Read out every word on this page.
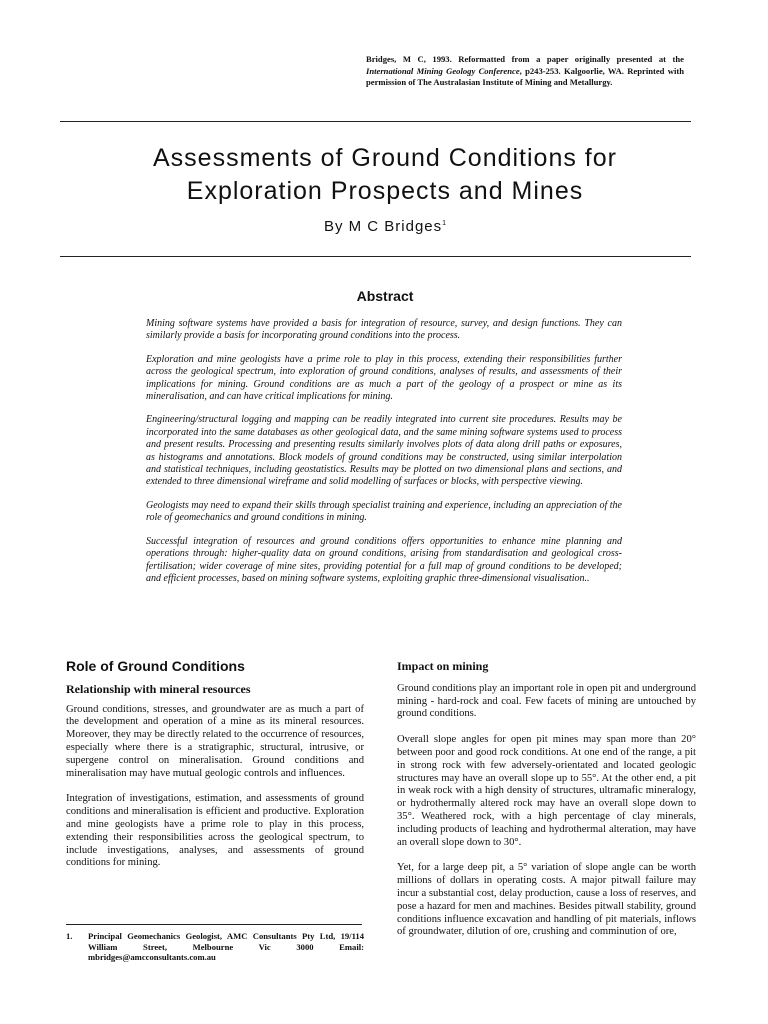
Bridges, M C, 1993. Reformatted from a paper originally presented at the International Mining Geology Conference, p243-253. Kalgoorlie, WA. Reprinted with permission of The Australasian Institute of Mining and Metallurgy.
Assessments of Ground Conditions for
Exploration Prospects and Mines
By M C Bridges$^1$
Abstract

Mining software systems have provided a basis for integration of resource, survey, and design functions. They can similarly provide a basis for incorporating ground conditions into the process.

Exploration and mine geologists have a prime role to play in this process, extending their responsibilities further across the geological spectrum, into exploration of ground conditions, analyses of results, and assessments of their implications for mining. Ground conditions are as much a part of the geology of a prospect or mine as its mineralisation, and can have critical implications for mining.

Engineering/structural logging and mapping can be readily integrated into current site procedures. Results may be incorporated into the same databases as other geological data, and the same mining software systems used to process and present results. Processing and presenting results similarly involves plots of data along drill paths or exposures, as histograms and annotations. Block models of ground conditions may be constructed, using similar interpolation and statistical techniques, including geostatistics. Results may be plotted on two dimensional plans and sections, and extended to three dimensional wireframe and solid modelling of surfaces or blocks, with perspective viewing.

Geologists may need to expand their skills through specialist training and experience, including an appreciation of the role of geomechanics and ground conditions in mining.

Successful integration of resources and ground conditions offers opportunities to enhance mine planning and operations through: higher-quality data on ground conditions, arising from standardisation and geological cross-fertilisation; wider coverage of mine sites, providing potential for a full map of ground conditions to be developed; and efficient processes, based on mining software systems, exploiting graphic three-dimensional visualisation..

Role of Ground Conditions
Relationship with mineral resources

Ground conditions, stresses, and groundwater are as much a part of the development and operation of a mine as its mineral resources. Moreover, they may be directly related to the occurrence of resources, especially where there is a stratigraphic, structural, intrusive, or supergene control on mineralisation. Ground conditions and mineralisation may have mutual geologic controls and influences.

Integration of investigations, estimation, and assessments of ground conditions and mineralisation is efficient and productive. Exploration and mine geologists have a prime role to play in this process, extending their responsibilities across the geological spectrum, to include investigations, analyses, and assessments of ground conditions for mining.

Impact on mining

Ground conditions play an important role in open pit and underground mining - hard-rock and coal. Few facets of mining are untouched by ground conditions.

Overall slope angles for open pit mines may span more than 20° between poor and good rock conditions. At one end of the range, a pit in strong rock with few adversely-orientated and located geologic structures may have an overall slope up to 55°. At the other end, a pit in weak rock with a high density of structures, ultramafic mineralogy, or hydrothermally altered rock may have an overall slope down to 35°. Weathered rock, with a high percentage of clay minerals, including products of leaching and hydrothermal alteration, may have an overall slope down to 30°.

Yet, for a large deep pit, a 5° variation of slope angle can be worth millions of dollars in operating costs. A major pitwall failure may incur a substantial cost, delay production, cause a loss of reserves, and pose a hazard for men and machines. Besides pitwall stability, ground conditions influence excavation and handling of pit materials, inflows of groundwater, dilution of ore, crushing and comminution of ore,

1. Principal Geomechanics Geologist, AMC Consultants Pty Ltd, 19/114 William Street, Melbourne Vic 3000 Email: mbridges@amcconsultants.com.au
